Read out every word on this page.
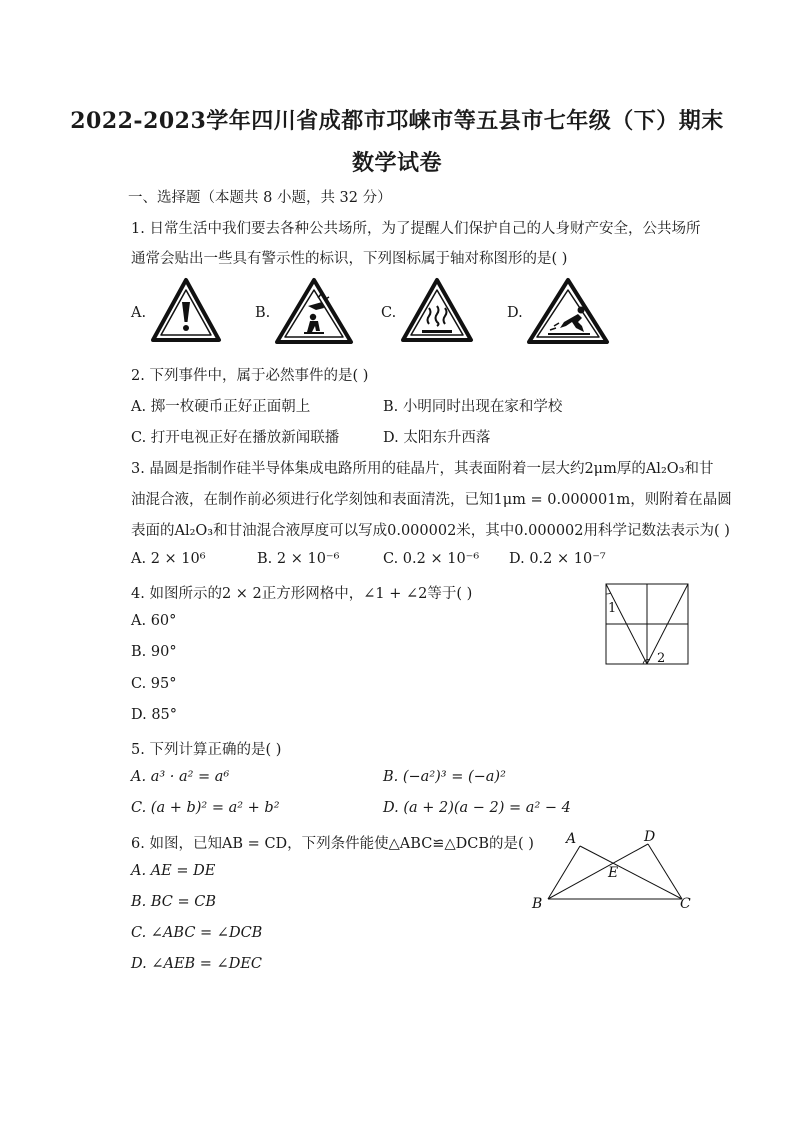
2022-2023学年四川省成都市邛崃市等五县市七年级（下）期末
数学试卷
一、选择题（本题共 8 小题，共 32 分）
1. 日常生活中我们要去各种公共场所，为了提醒人们保护自己的人身财产安全，公共场所
通常会贴出一些具有警示性的标识，下列图标属于轴对称图形的是( )
A.	B.	C.	D.
2. 下列事件中，属于必然事件的是( )
A. 掷一枚硬币正好正面朝上	B. 小明同时出现在家和学校
C. 打开电视正好在播放新闻联播	D. 太阳东升西落
3. 晶圆是指制作硅半导体集成电路所用的硅晶片，其表面附着一层大约2μm厚的Al₂O₃和甘
油混合液，在制作前必须进行化学刻蚀和表面清洗，已知1μm = 0.000001m，则附着在晶圆
表面的Al₂O₃和甘油混合液厚度可以写成0.000002米，其中0.000002用科学记数法表示为( )
A. 2 × 10⁶	B. 2 × 10⁻⁶	C. 0.2 × 10⁻⁶ D. 0.2 × 10⁻⁷
4. 如图所示的2 × 2正方形网格中，∠1 + ∠2等于( )
A. 60°
B. 90°
C. 95°
D. 85°
1
2
5. 下列计算正确的是( )
A. a³ · a² = a⁶	B. (−a²)³ = (−a)²
C. (a + b)² = a² + b²	D. (a + 2)(a − 2) = a² − 4
6. 如图，已知AB = CD，下列条件能使△ABC≌△DCB的是( )
A. AE = DE
B. BC = CB
C. ∠ABC = ∠DCB
D. ∠AEB = ∠DEC
A	D
B	C
E
